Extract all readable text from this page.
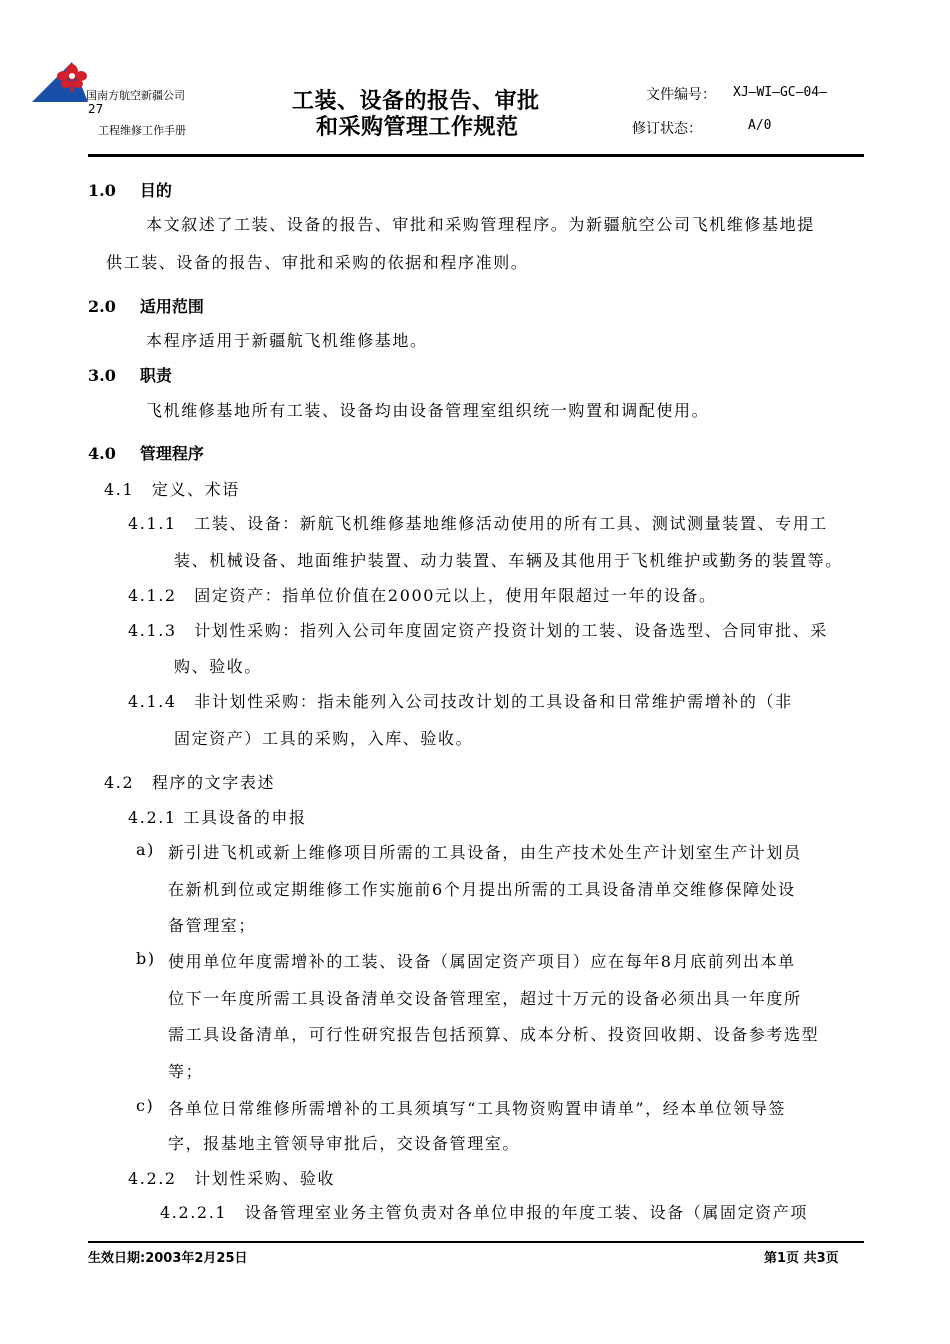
国南方航空新疆公司
27
工程维修工作手册
工装、设备的报告、审批
和采购管理工作规范
文件编号： XJ—WI—GC—04—
修订状态：	A/0
1.0 目的
本文叙述了工装、设备的报告、审批和采购管理程序。为新疆航空公司飞机维修基地提
供工装、设备的报告、审批和采购的依据和程序准则。
2.0 适用范围
本程序适用于新疆航飞机维修基地。
3.0 职责
飞机维修基地所有工装、设备均由设备管理室组织统一购置和调配使用。
4.0 管理程序
4.1　定义、术语
4.1.1　工装、设备：新航飞机维修基地维修活动使用的所有工具、测试测量装置、专用工
装、机械设备、地面维护装置、动力装置、车辆及其他用于飞机维护或勤务的装置等。
4.1.2　固定资产：指单位价值在2000元以上，使用年限超过一年的设备。
4.1.3　计划性采购：指列入公司年度固定资产投资计划的工装、设备选型、合同审批、采
购、验收。
4.1.4　非计划性采购：指未能列入公司技改计划的工具设备和日常维护需增补的（非
固定资产）工具的采购，入库、验收。
4.2　程序的文字表述
4.2.1 工具设备的申报
a) 新引进飞机或新上维修项目所需的工具设备，由生产技术处生产计划室生产计划员
在新机到位或定期维修工作实施前6个月提出所需的工具设备清单交维修保障处设
备管理室；
b) 使用单位年度需增补的工装、设备（属固定资产项目）应在每年8月底前列出本单
位下一年度所需工具设备清单交设备管理室，超过十万元的设备必须出具一年度所
需工具设备清单，可行性研究报告包括预算、成本分析、投资回收期、设备参考选型
等；
c) 各单位日常维修所需增补的工具须填写“工具物资购置申请单”，经本单位领导签
字，报基地主管领导审批后，交设备管理室。
4.2.2　计划性采购、验收
4.2.2.1　设备管理室业务主管负责对各单位申报的年度工装、设备（属固定资产项
生效日期:2003年2月25日	第1页 共3页
